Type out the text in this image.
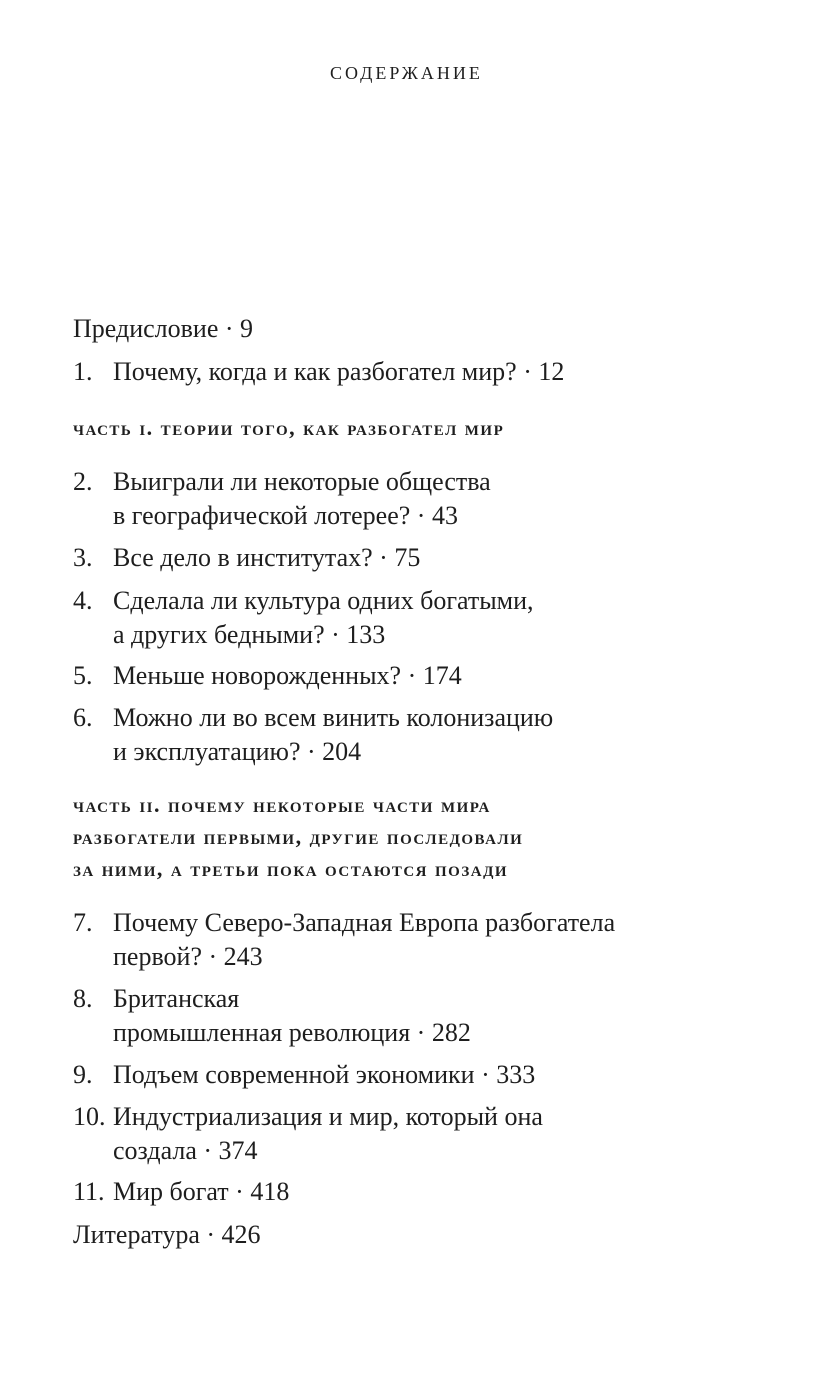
содержание
Предисловие · 9
1. Почему, когда и как разбогател мир? · 12
часть i. теории того, как разбогател мир
2. Выиграли ли некоторые общества
в географической лотерее? · 43
3. Все дело в институтах? · 75
4. Сделала ли культура одних богатыми,
а других бедными? · 133
5. Меньше новорожденных? · 174
6. Можно ли во всем винить колонизацию
и эксплуатацию? · 204
часть ii. почему некоторые части мира
разбогатели первыми, другие последовали
за ними, а третьи пока остаются позади
7. Почему Северо-Западная Европа разбогатела
первой? · 243
8. Британская
промышленная революция · 282
9. Подъем современной экономики · 333
10. Индустриализация и мир, который она
создала · 374
11. Мир богат · 418
Литература · 426
